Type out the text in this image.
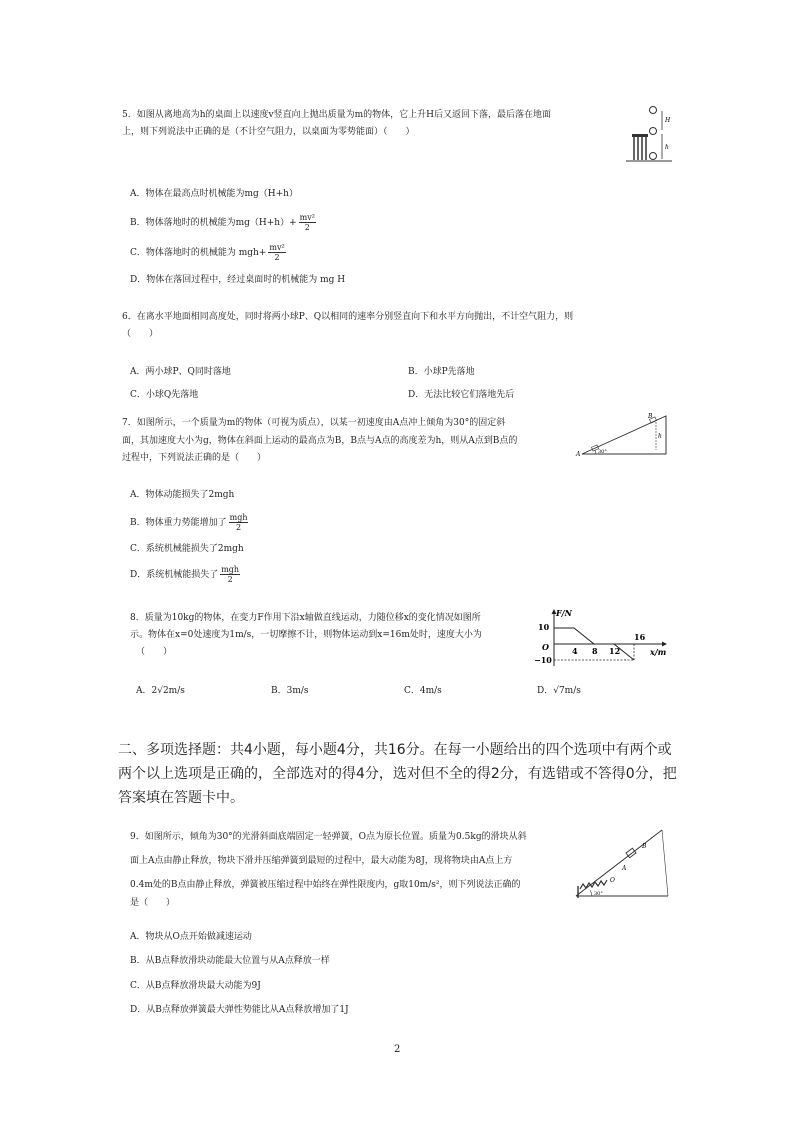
5．如图从离地高为h的桌面上以速度v竖直向上抛出质量为m的物体，它上升H后又返回下落，最后落在地面
上，则下列说法中正确的是（不计空气阻力，以桌面为零势能面）（　　）
H
h
A．物体在最高点时机械能为mg（H+h）
B．物体落地时的机械能为$mg(H+h)+ \frac{\text{mv²}}{2}$
C．物体落地时的机械能为 $mgh+ \frac{\text{mv²}}{2}$
D．物体在落回过程中，经过桌面时的机械能为 mg H
6．在离水平地面相同高度处，同时将两小球P、Q以相同的速率分别竖直向下和水平方向抛出，不计空气阻力，则
（　　）
A．两小球P、Q同时落地	B．小球P先落地
C．小球Q先落地	D．无法比较它们落地先后
7．如图所示，一个质量为m的物体（可视为质点），以某一初速度由A点冲上倾角为30°的固定斜
面，其加速度大小为g，物体在斜面上运动的最高点为B，B点与A点的高度差为h，则从A点到B点的
过程中，下列说法正确的是（　　）	A
B
h
30°
A．物体动能损失了2mgh
B．物体重力势能增加了 $\frac{\text{mgh}}{2}$
C．系统机械能损失了2mgh
D．系统机械能损失了 $\frac{\text{mgh}}{2}$
8．质量为10kg的物体，在变力F作用下沿x轴做直线运动，力随位移x的变化情况如图所
示。物体在x=0处速度为1m/s，一切摩擦不计，则物体运动到x=16m处时，速度大小为
（　　）
F/N
x/m
O
10
−10
4 8 12
16
A．2√2m/s	B．3m/s	C．4m/s	D．√7m/s
二、多项选择题：共4小题，每小题4分，共16分。在每一小题给出的四个选项中有两个或两个以上选项是正确的，全部选对的得4分，选对但不全的得2分，有选错或不答得0分，把答案填在答题卡中。
9．如图所示，倾角为30°的光滑斜面底端固定一轻弹簧，O点为原长位置。质量为0.5kg的滑块从斜
面上A点由静止释放，物块下滑并压缩弹簧到最短的过程中，最大动能为8J，现将物块由A点上方
0.4m处的B点由静止释放，弹簧被压缩过程中始终在弹性限度内，g取10m/s²，则下列说法正确的
是（　　）
O
A
B
30°
A．物块从O点开始做减速运动
B．从B点释放滑块动能最大位置与从A点释放一样
C．从B点释放滑块最大动能为9J
D．从B点释放弹簧最大弹性势能比从A点释放增加了1J
2
